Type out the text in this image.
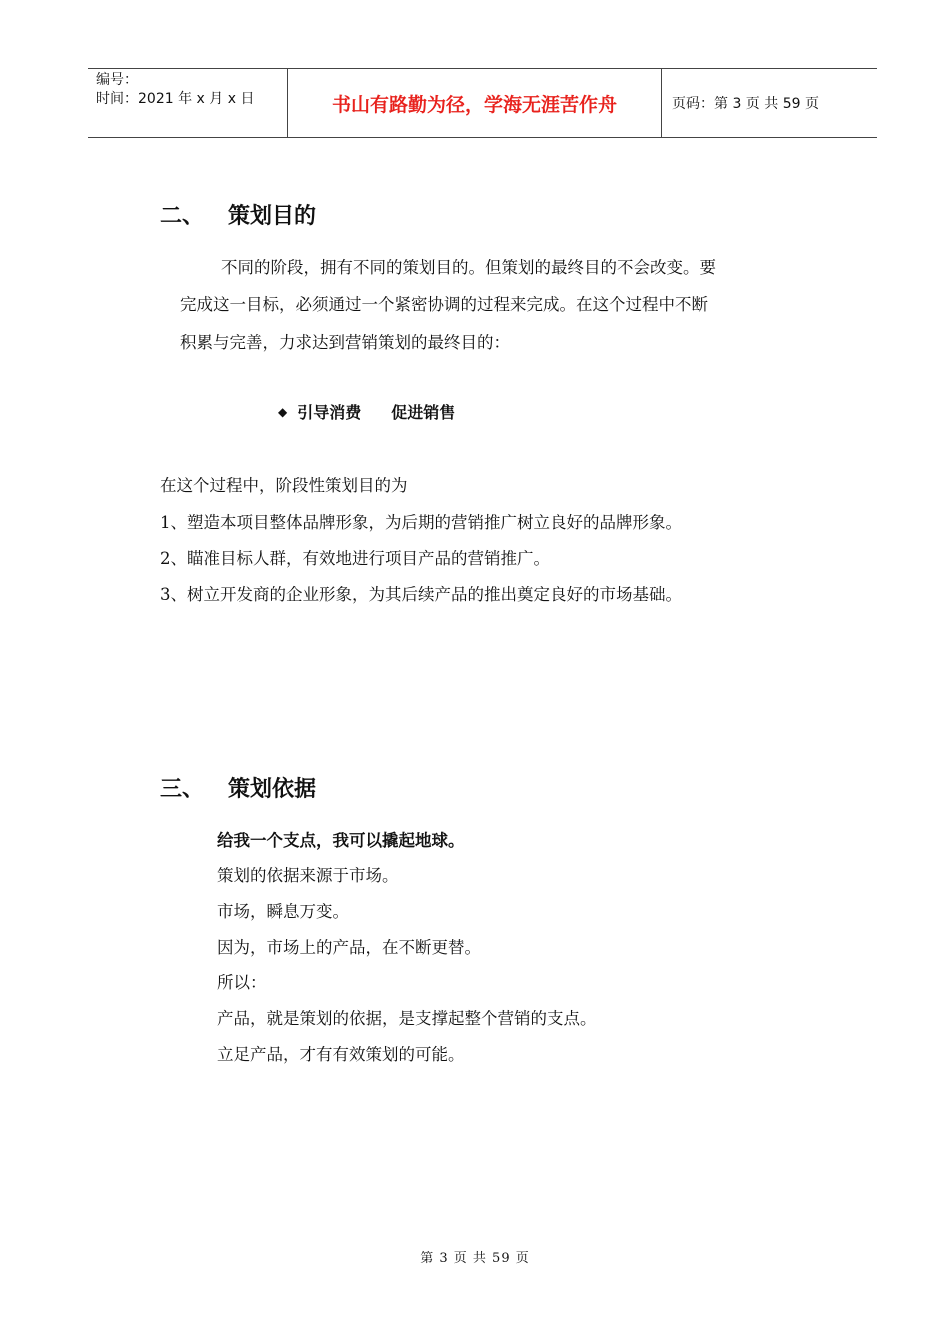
编号：
时间：2021 年 x 月 x 日	书山有路勤为径，学海无涯苦作舟	页码：第 3 页 共 59 页
二、 策划目的
不同的阶段，拥有不同的策划目的。但策划的最终目的不会改变。要
完成这一目标，必须通过一个紧密协调的过程来完成。在这个过程中不断
积累与完善，力求达到营销策划的最终目的：
◆ 引导消费 促进销售
在这个过程中，阶段性策划目的为
1、塑造本项目整体品牌形象，为后期的营销推广树立良好的品牌形象。
2、瞄准目标人群，有效地进行项目产品的营销推广。
3、树立开发商的企业形象，为其后续产品的推出奠定良好的市场基础。
三、 策划依据
给我一个支点，我可以撬起地球。
策划的依据来源于市场。
市场，瞬息万变。
因为，市场上的产品，在不断更替。
所以：
产品，就是策划的依据，是支撑起整个营销的支点。
立足产品，才有有效策划的可能。
第 3 页 共 59 页
